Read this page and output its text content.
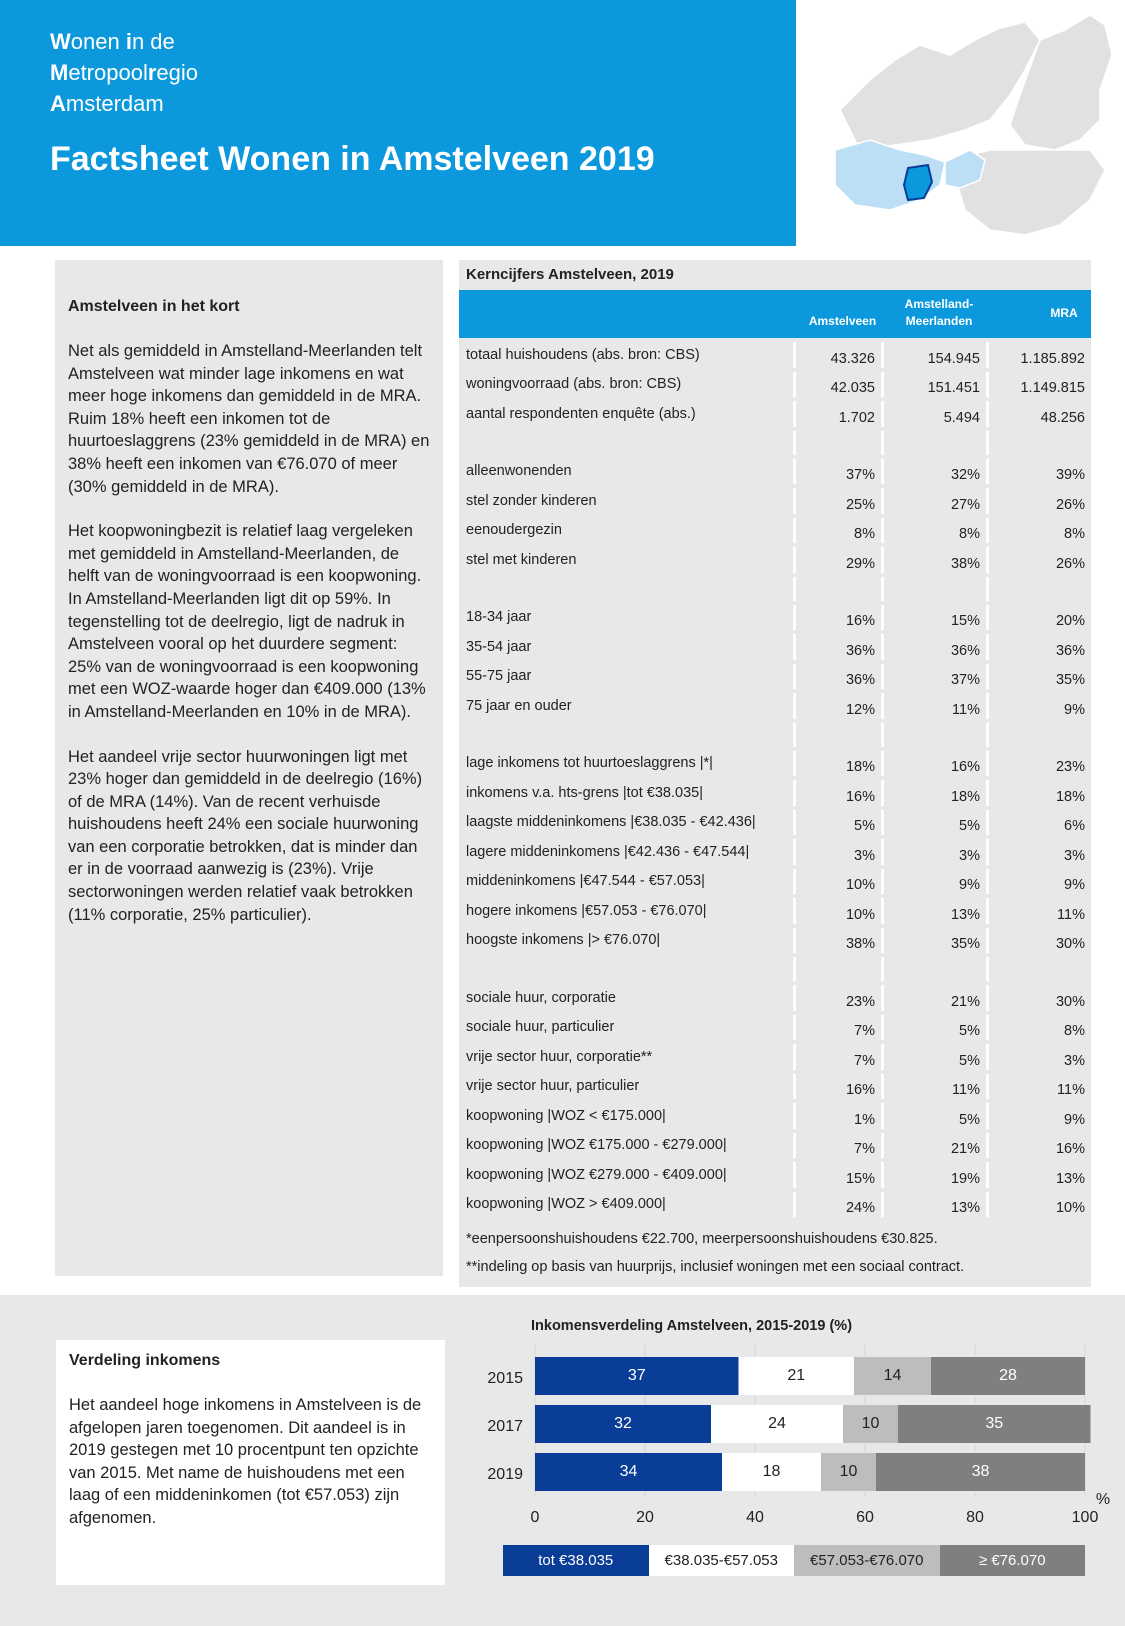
Wonen in de
Metropoolregio
Amsterdam
Factsheet Wonen in Amstelveen 2019
Amstelveen in het kort

Net als gemiddeld in Amstelland-Meerlanden telt Amstelveen wat minder lage inkomens en wat meer hoge inkomens dan gemiddeld in de MRA. Ruim 18% heeft een inkomen tot de huurtoeslaggrens (23% gemiddeld in de MRA) en 38% heeft een inkomen van €76.070 of meer (30% gemiddeld in de MRA).

Het koopwoningbezit is relatief laag vergeleken met gemiddeld in Amstelland-Meerlanden, de helft van de woningvoorraad is een koopwoning. In Amstelland-Meerlanden ligt dit op 59%. In tegenstelling tot de deelregio, ligt de nadruk in Amstelveen vooral op het duurdere segment: 25% van de woningvoorraad is een koopwoning met een WOZ-waarde hoger dan €409.000 (13% in Amstelland-Meerlanden en 10% in de MRA).

Het aandeel vrije sector huurwoningen ligt met 23% hoger dan gemiddeld in de deelregio (16%) of de MRA (14%). Van de recent verhuisde huishoudens heeft 24% een sociale huurwoning van een corporatie betrokken, dat is minder dan er in de voorraad aanwezig is (23%). Vrije sectorwoningen werden relatief vaak betrokken (11% corporatie, 25% particulier).

Kerncijfers Amstelveen, 2019
Amstelveen
Amstelland-
Meerlanden
MRA
totaal huishoudens (abs. bron: CBS)	43.326	154.945	1.185.892
woningvoorraad (abs. bron: CBS)	42.035	151.451	1.149.815
aantal respondenten enquête (abs.)	1.702	5.494	48.256

alleenwonenden	37%	32%	39%
stel zonder kinderen	25%	27%	26%
eenoudergezin	8%	8%	8%
stel met kinderen	29%	38%	26%

18-34 jaar	16%	15%	20%
35-54 jaar	36%	36%	36%
55-75 jaar	36%	37%	35%
75 jaar en ouder	12%	11%	9%

lage inkomens tot huurtoeslaggrens |*|	18%	16%	23%
inkomens v.a. hts-grens |tot €38.035|	16%	18%	18%
laagste middeninkomens |€38.035 - €42.436|	5%	5%	6%
lagere middeninkomens |€42.436 - €47.544|	3%	3%	3%
middeninkomens |€47.544 - €57.053|	10%	9%	9%
hogere inkomens |€57.053 - €76.070|	10%	13%	11%
hoogste inkomens |> €76.070|	38%	35%	30%

sociale huur, corporatie	23%	21%	30%
sociale huur, particulier	7%	5%	8%
vrije sector huur, corporatie**	7%	5%	3%
vrije sector huur, particulier	16%	11%	11%
koopwoning |WOZ < €175.000|	1%	5%	9%
koopwoning |WOZ €175.000 - €279.000|	7%	21%	16%
koopwoning |WOZ €279.000 - €409.000|	15%	19%	13%
koopwoning |WOZ > €409.000|	24%	13%	10%
*eenpersoonshuishoudens €22.700, meerpersoonshuishoudens €30.825.
**indeling op basis van huurprijs, inclusief woningen met een sociaal contract.
Verdeling inkomens

Het aandeel hoge inkomens in Amstelveen is de afgelopen jaren toegenomen. Dit aandeel is in 2019 gestegen met 10 procentpunt ten opzichte van 2015. Met name de huishoudens met een laag of een middeninkomen (tot €57.053) zijn afgenomen.

Inkomensverdeling Amstelveen, 2015-2019 (%)
2015	37	21	14	28
2017	32	24	10	35
2019	34	18	10	38
0	20	40	60	80	100
%
tot €38.035	€38.035-€57.053	€57.053-€76.070	≥ €76.070
